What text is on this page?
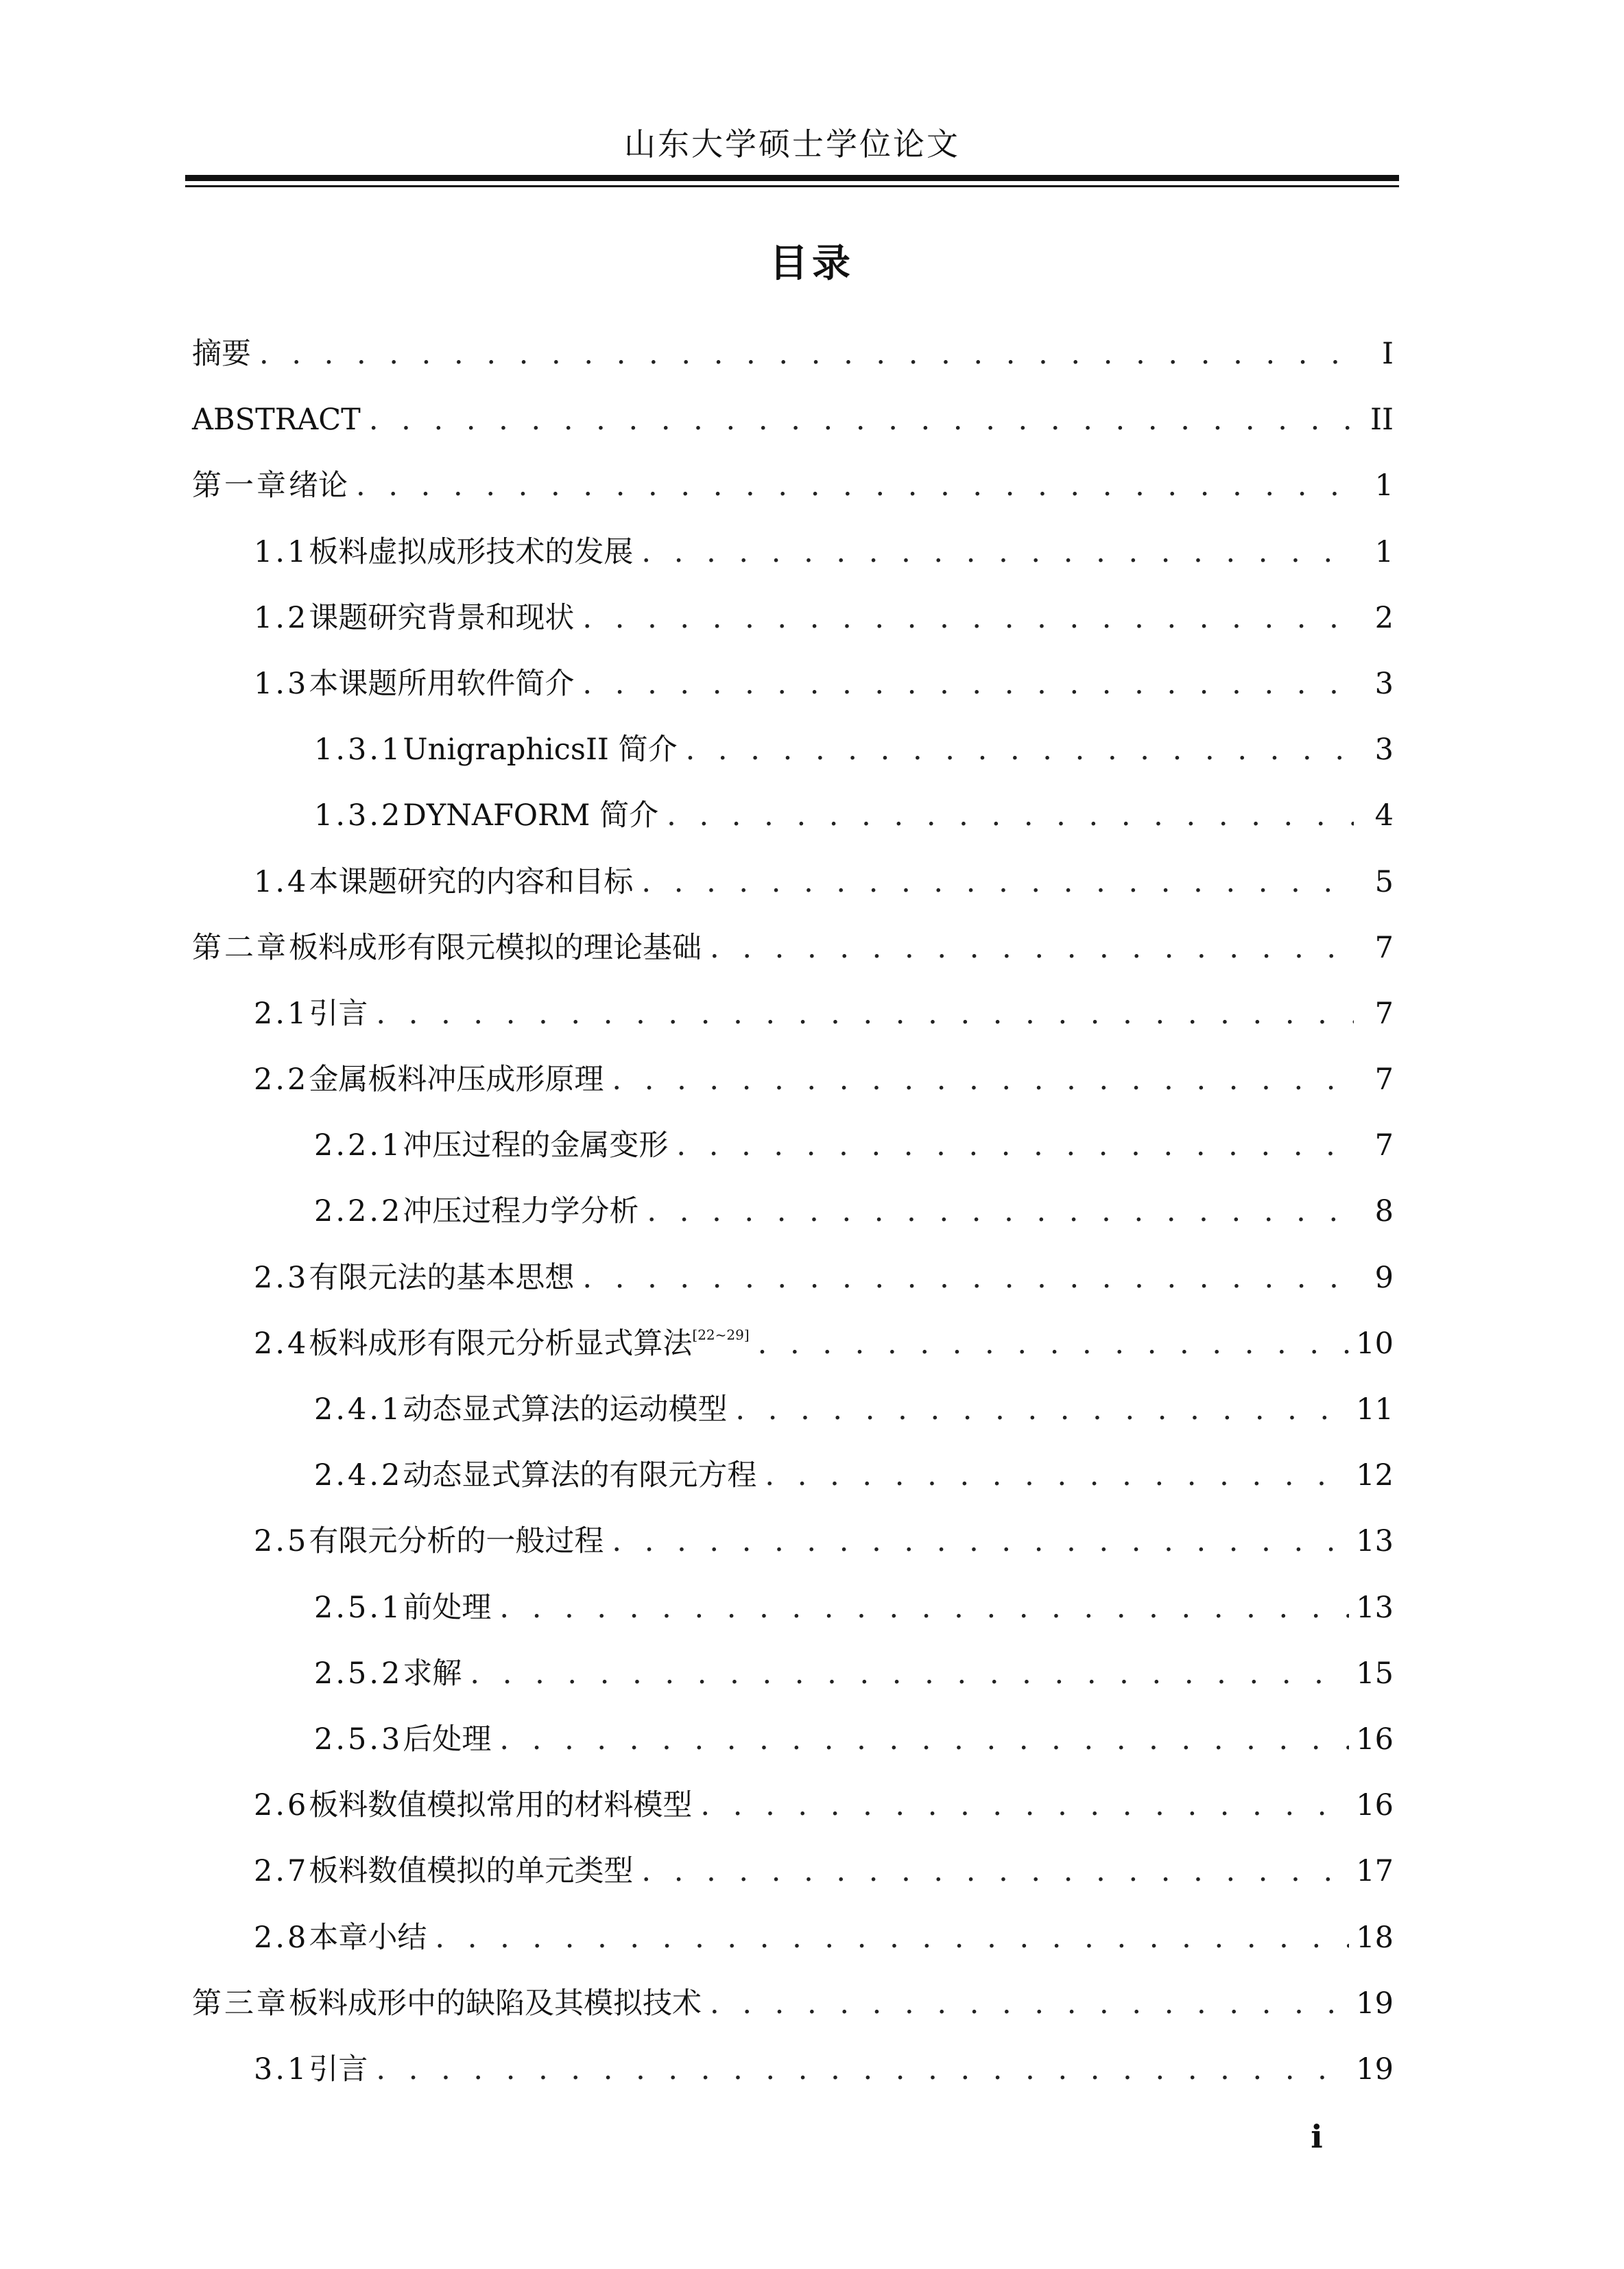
山东大学硕士学位论文
目录
摘要 . . .	I
ABSTRACT . . .	II
第一章 绪论 . . .	1
1.1 板料虚拟成形技术的发展 . . .	1
1.2 课题研究背景和现状 . . .	2
1.3 本课题所用软件简介 . . .	3
1.3.1 UnigraphicsII 简介 . . .	3
1.3.2 DYNAFORM 简介 . . .	4
1.4 本课题研究的内容和目标 . . .	5
第二章 板料成形有限元模拟的理论基础 . . .	7
2.1 引言 . . .	7
2.2 金属板料冲压成形原理 . . .	7
2.2.1 冲压过程的金属变形 . . .	7
2.2.2 冲压过程力学分析 . . .	8
2.3 有限元法的基本思想 . . .	9
2.4 板料成形有限元分析显式算法[22~29] . . .	10
2.4.1 动态显式算法的运动模型 . . .	11
2.4.2 动态显式算法的有限元方程 . . .	12
2.5 有限元分析的一般过程 . . .	13
2.5.1 前处理 . . .	13
2.5.2 求解 . . .	15
2.5.3 后处理 . . .	16
2.6 板料数值模拟常用的材料模型 . . .	16
2.7 板料数值模拟的单元类型 . . .	17
2.8 本章小结 . . .	18
第三章 板料成形中的缺陷及其模拟技术 . . .	19
3.1 引言 . . .	19
i
